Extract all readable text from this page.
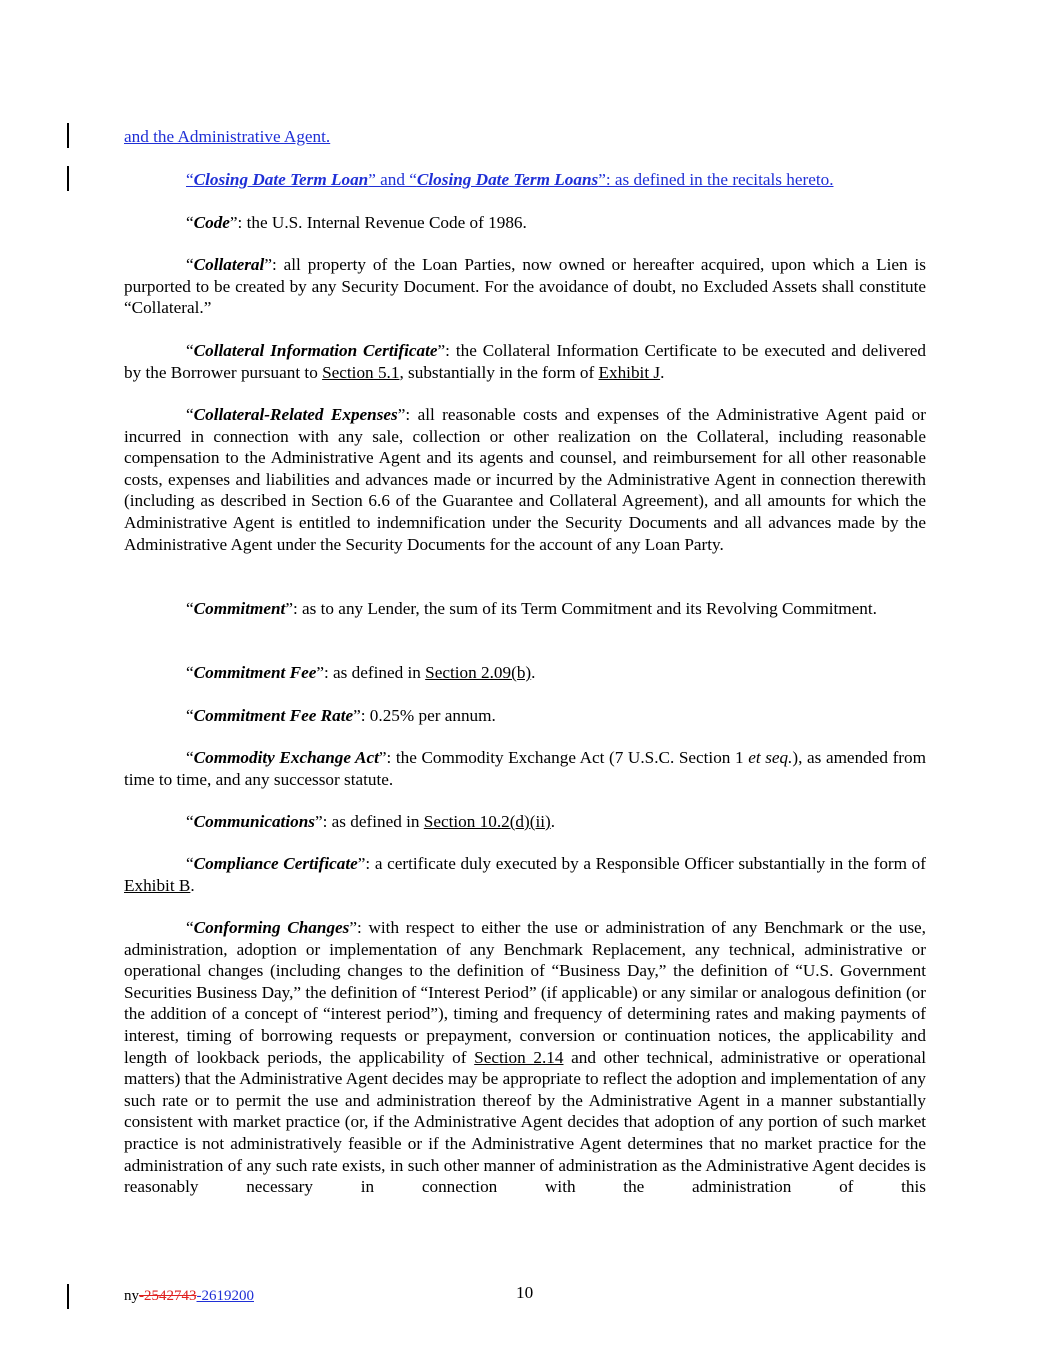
and the Administrative Agent.

“Closing Date Term Loan” and “Closing Date Term Loans”: as defined in the recitals hereto.

“Code”: the U.S. Internal Revenue Code of 1986.

“Collateral”: all property of the Loan Parties, now owned or hereafter acquired, upon which a Lien is purported to be created by any Security Document. For the avoidance of doubt, no Excluded Assets shall constitute “Collateral.”

“Collateral Information Certificate”: the Collateral Information Certificate to be executed and delivered by the Borrower pursuant to Section 5.1, substantially in the form of Exhibit J.

“Collateral-Related Expenses”: all reasonable costs and expenses of the Administrative Agent paid or incurred in connection with any sale, collection or other realization on the Collateral, including reasonable compensation to the Administrative Agent and its agents and counsel, and reimbursement for all other reasonable costs, expenses and liabilities and advances made or incurred by the Administrative Agent in connection therewith (including as described in Section 6.6 of the Guarantee and Collateral Agreement), and all amounts for which the Administrative Agent is entitled to indemnification under the Security Documents and all advances made by the Administrative Agent under the Security Documents for the account of any Loan Party.

“Commitment”: as to any Lender, the sum of its Term Commitment and its Revolving Commitment.

“Commitment Fee”: as defined in Section 2.09(b).

“Commitment Fee Rate”: 0.25% per annum.

“Commodity Exchange Act”: the Commodity Exchange Act (7 U.S.C. Section 1 et seq.), as amended from time to time, and any successor statute.

“Communications”: as defined in Section 10.2(d)(ii).

“Compliance Certificate”: a certificate duly executed by a Responsible Officer substantially in the form of Exhibit B.

“Conforming Changes”: with respect to either the use or administration of any Benchmark or the use, administration, adoption or implementation of any Benchmark Replacement, any technical, administrative or operational changes (including changes to the definition of “Business Day,” the definition of “U.S. Government Securities Business Day,” the definition of “Interest Period” (if applicable) or any similar or analogous definition (or the addition of a concept of “interest period”), timing and frequency of determining rates and making payments of interest, timing of borrowing requests or prepayment, conversion or continuation notices, the applicability and length of lookback periods, the applicability of Section 2.14 and other technical, administrative or operational matters) that the Administrative Agent decides may be appropriate to reflect the adoption and implementation of any such rate or to permit the use and administration thereof by the Administrative Agent in a manner substantially consistent with market practice (or, if the Administrative Agent decides that adoption of any portion of such market practice is not administratively feasible or if the Administrative Agent determines that no market practice for the administration of any such rate exists, in such other manner of administration as the Administrative Agent decides is reasonably necessary in connection with the administration of this

ny-2542743-2619200	10
